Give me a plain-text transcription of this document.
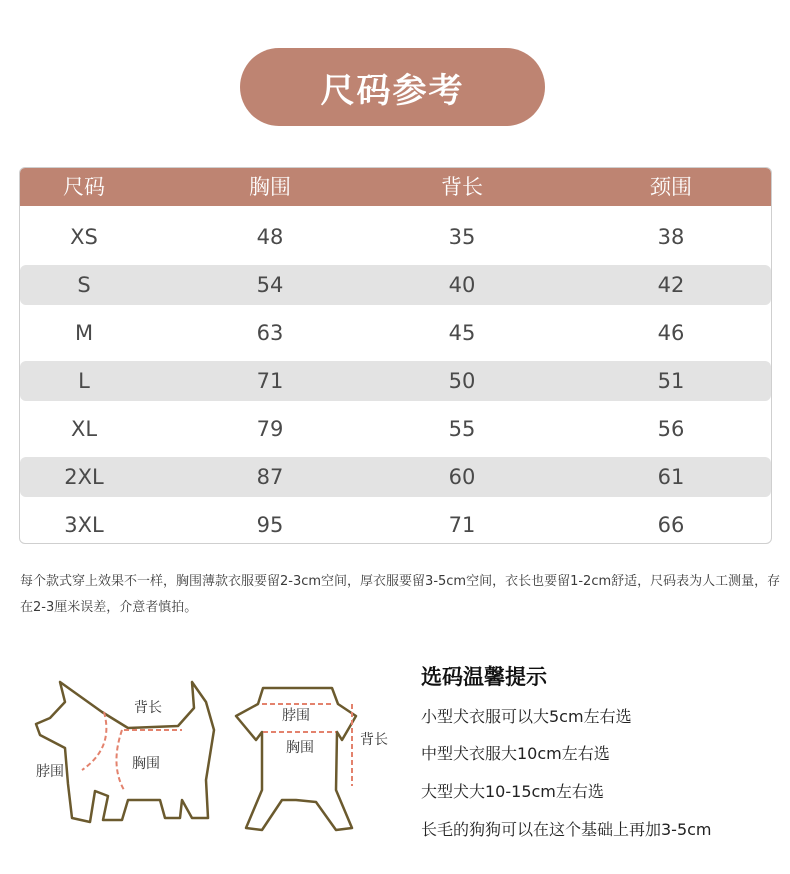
尺码参考
尺码	胸围	背长	颈围
XS	48	35	38
S	54	40	42
M	63	45	46
L	71	50	51
XL	79	55	56
2XL	87	60	61
3XL	95	71	66
每个款式穿上效果不一样，胸围薄款衣服要留2-3cm空间，厚衣服要留3-5cm空间，衣长也要留1-2cm舒适，尺码表为人工测量，存在2-3厘米误差，介意者慎拍。
背长
胸围
脖围
脖围
胸围	背长
选码温馨提示
小型犬衣服可以大5cm左右选
中型犬衣服大10cm左右选
大型犬大10-15cm左右选
长毛的狗狗可以在这个基础上再加3-5cm
